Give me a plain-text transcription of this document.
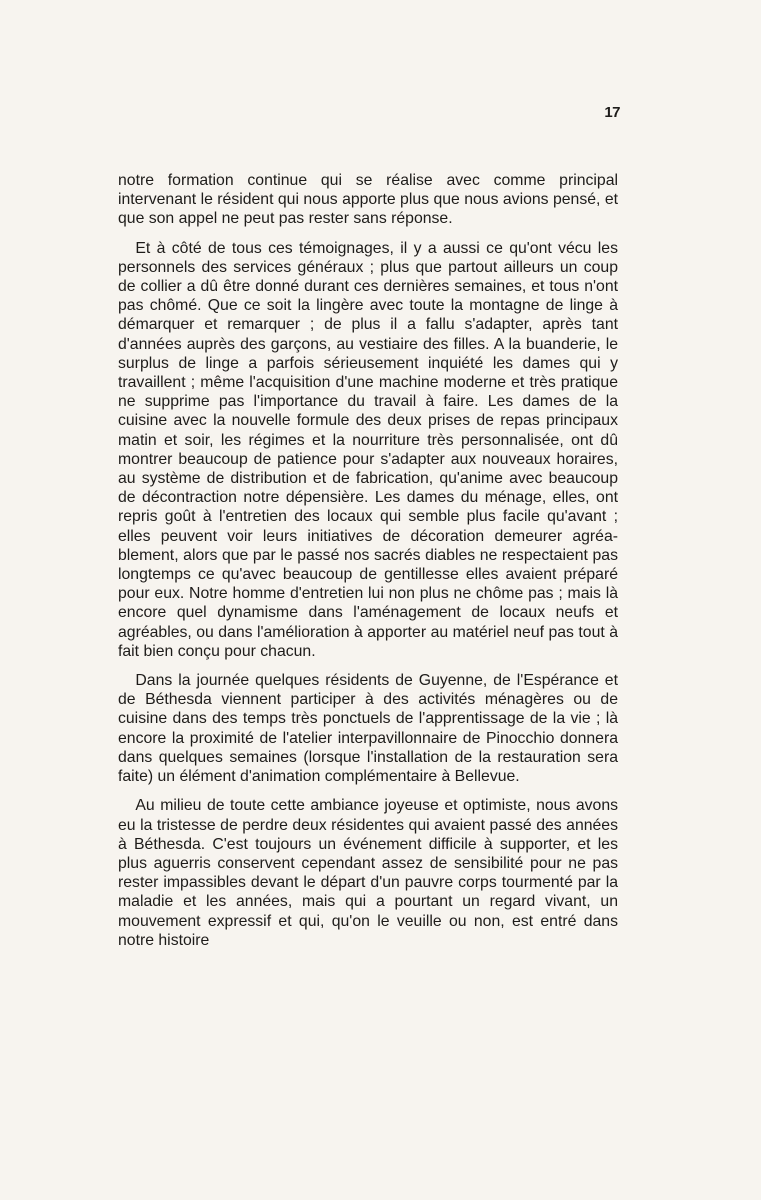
17

notre formation continue qui se réalise avec comme principal intervenant le résident qui nous apporte plus que nous avions pensé, et que son appel ne peut pas rester sans réponse.

Et à côté de tous ces témoignages, il y a aussi ce qu'ont vécu les personnels des services généraux ; plus que partout ailleurs un coup de collier a dû être donné durant ces dernières semaines, et tous n'ont pas chômé. Que ce soit la lingère avec toute la montagne de linge à démarquer et remarquer ; de plus il a fallu s'adapter, après tant d'années auprès des garçons, au vestiaire des filles. A la buanderie, le surplus de linge a parfois sérieusement inquiété les dames qui y travaillent ; même l'acquisition d'une machine moderne et très pratique ne supprime pas l'importance du travail à faire. Les dames de la cuisine avec la nouvelle formule des deux prises de repas principaux matin et soir, les régimes et la nourriture très personnalisée, ont dû montrer beaucoup de patience pour s'adapter aux nouveaux horaires, au système de distribution et de fabrication, qu'anime avec beaucoup de décontraction notre dépensière. Les dames du ménage, elles, ont repris goût à l'entretien des locaux qui semble plus facile qu'avant ; elles peuvent voir leurs initiatives de décoration demeurer agréablement, alors que par le passé nos sacrés diables ne respectaient pas longtemps ce qu'avec beaucoup de gentillesse elles avaient préparé pour eux. Notre homme d'entretien lui non plus ne chôme pas ; mais là encore quel dynamisme dans l'aménagement de locaux neufs et agréables, ou dans l'amélioration à apporter au matériel neuf pas tout à fait bien conçu pour chacun.

Dans la journée quelques résidents de Guyenne, de l'Espérance et de Béthesda viennent participer à des activités ménagères ou de cuisine dans des temps très ponctuels de l'apprentissage de la vie ; là encore la proximité de l'atelier interpavillonnaire de Pinocchio donnera dans quelques semaines (lorsque l'installation de la restauration sera faite) un élément d'animation complémentaire à Bellevue.

Au milieu de toute cette ambiance joyeuse et optimiste, nous avons eu la tristesse de perdre deux résidentes qui avaient passé des années à Béthesda. C'est toujours un événement difficile à supporter, et les plus aguerris conservent cependant assez de sensibilité pour ne pas rester impassibles devant le départ d'un pauvre corps tourmenté par la maladie et les années, mais qui a pourtant un regard vivant, un mouvement expressif et qui, qu'on le veuille ou non, est entré dans notre histoire
